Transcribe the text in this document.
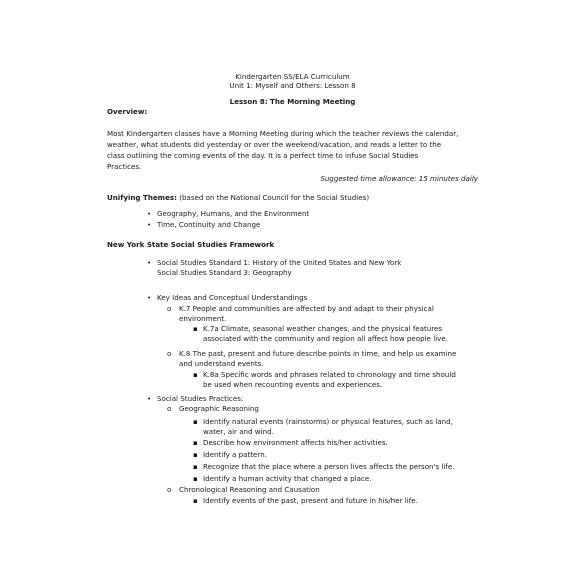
Kindergarten SS/ELA Curriculum
Unit 1: Myself and Others: Lesson 8
Lesson 8: The Morning Meeting
Overview:
Most Kindergarten classes have a Morning Meeting during which the teacher reviews the calendar,
weather, what students did yesterday or over the weekend/vacation, and reads a letter to the
class outlining the coming events of the day. It is a perfect time to infuse Social Studies
Practices.
Suggested time allowance: 15 minutes daily
Unifying Themes: (based on the National Council for the Social Studies)
• Geography, Humans, and the Environment
• Time, Continuity and Change
New York State Social Studies Framework
• Social Studies Standard 1: History of the United States and New York
Social Studies Standard 3: Geography
• Key Ideas and Conceptual Understandings
o K.7 People and communities are affected by and adapt to their physical
environment.
▪ K.7a Climate, seasonal weather changes, and the physical features
associated with the community and region all affect how people live.
o K.8 The past, present and future describe points in time, and help us examine
and understand events.
▪ K.8a Specific words and phrases related to chronology and time should
be used when recounting events and experiences.
• Social Studies Practices:
o Geographic Reasoning
▪ Identify natural events (rainstorms) or physical features, such as land,
water, air and wind.
▪ Describe how environment affects his/her activities.
▪ Identify a pattern.
▪ Recognize that the place where a person lives affects the person's life.
▪ Identify a human activity that changed a place.
o Chronological Reasoning and Causation
▪ Identify events of the past, present and future in his/her life.
